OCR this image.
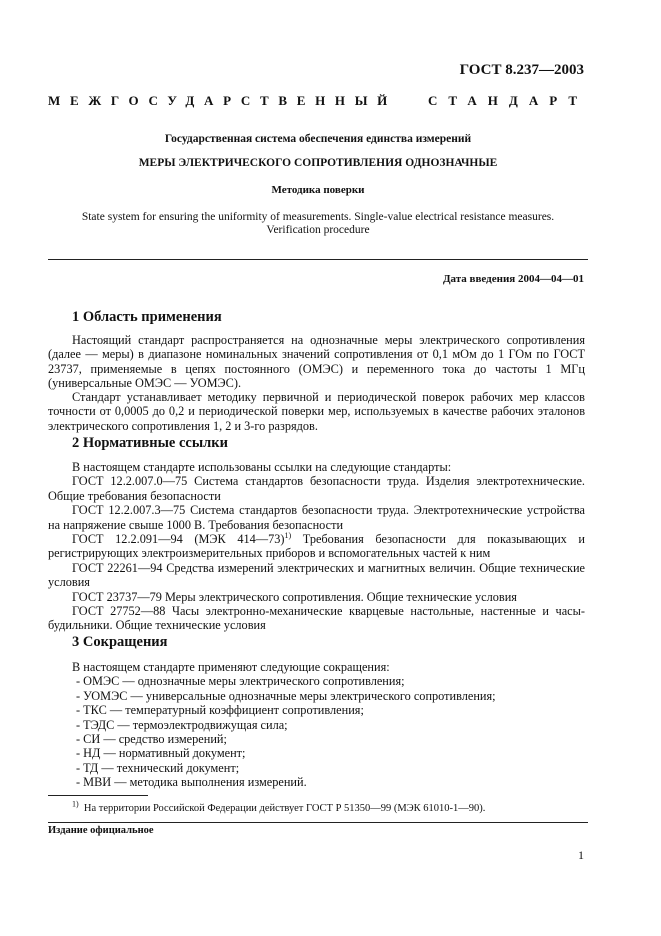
ГОСТ 8.237—2003
МЕЖГОСУДАРСТВЕННЫЙ СТАНДАРТ
Государственная система обеспечения единства измерений
МЕРЫ ЭЛЕКТРИЧЕСКОГО СОПРОТИВЛЕНИЯ ОДНОЗНАЧНЫЕ
Методика поверки
State system for ensuring the uniformity of measurements. Single-value electrical resistance measures.
Verification procedure
Дата введения 2004—04—01
1 Область применения
Настоящий стандарт распространяется на однозначные меры электрического сопротивления (далее — меры) в диапазоне номинальных значений сопротивления от 0,1 мОм до 1 ГОм по ГОСТ 23737, применяемые в цепях постоянного (ОМЭС) и переменного тока до частоты 1 МГц (универсальные ОМЭС — УОМЭС).
Стандарт устанавливает методику первичной и периодической поверок рабочих мер классов точности от 0,0005 до 0,2 и периодической поверки мер, используемых в качестве рабочих эталонов электрического сопротивления 1, 2 и 3-го разрядов.
2 Нормативные ссылки
В настоящем стандарте использованы ссылки на следующие стандарты:
ГОСТ 12.2.007.0—75 Система стандартов безопасности труда. Изделия электротехнические. Общие требования безопасности
ГОСТ 12.2.007.3—75 Система стандартов безопасности труда. Электротехнические устройства на напряжение свыше 1000 В. Требования безопасности
ГОСТ 12.2.091—94 (МЭК 414—73)$^{1)}$ Требования безопасности для показывающих и регистрирующих электроизмерительных приборов и вспомогательных частей к ним
ГОСТ 22261—94 Средства измерений электрических и магнитных величин. Общие технические условия
ГОСТ 23737—79 Меры электрического сопротивления. Общие технические условия
ГОСТ 27752—88 Часы электронно-механические кварцевые настольные, настенные и часы-будильники. Общие технические условия
3 Сокращения
В настоящем стандарте применяют следующие сокращения:
- ОМЭС — однозначные меры электрического сопротивления;
- УОМЭС — универсальные однозначные меры электрического сопротивления;
- ТКС — температурный коэффициент сопротивления;
- ТЭДС — термоэлектродвижущая сила;
- СИ — средство измерений;
- НД — нормативный документ;
- ТД — технический документ;
- МВИ — методика выполнения измерений.
$^{1)}$ На территории Российской Федерации действует ГОСТ Р 51350—99 (МЭК 61010-1—90).
Издание официальное
1
